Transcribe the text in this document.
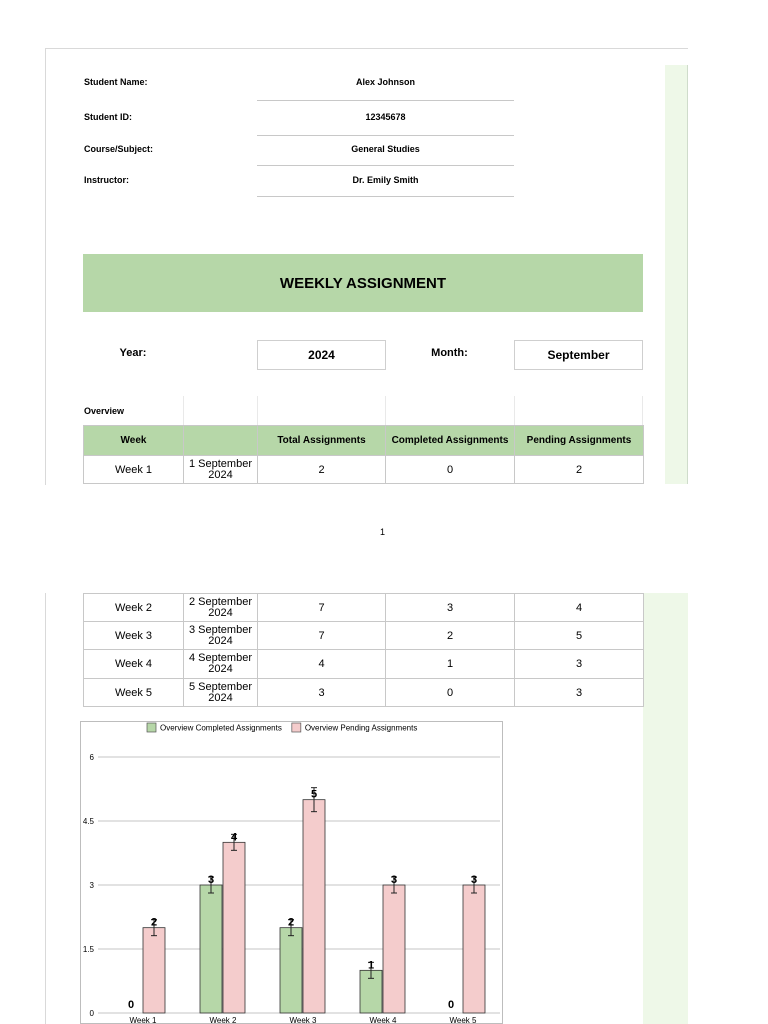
Student Name:	Alex Johnson
Student ID:	12345678
Course/Subject:	General Studies
Instructor:	Dr. Emily Smith
WEEKLY ASSIGNMENT
Year:	2024	Month:	September
Overview
Week		Total Assignments	Completed Assignments	Pending Assignments
Week 1	1 September 2024	2	0	2
1
Week 2	2 September 2024	7	3	4
Week 3	3 September 2024	7	2	5
Week 4	4 September 2024	4	1	3
Week 5	5 September 2024	3	0	3
0
1.5
3
4.5
6
Overview Completed Assignments	Overview Pending Assignments
0
2
Week 1
3
4
Week 2
2
5
Week 3
1
3
Week 4
0
3
Week 5
